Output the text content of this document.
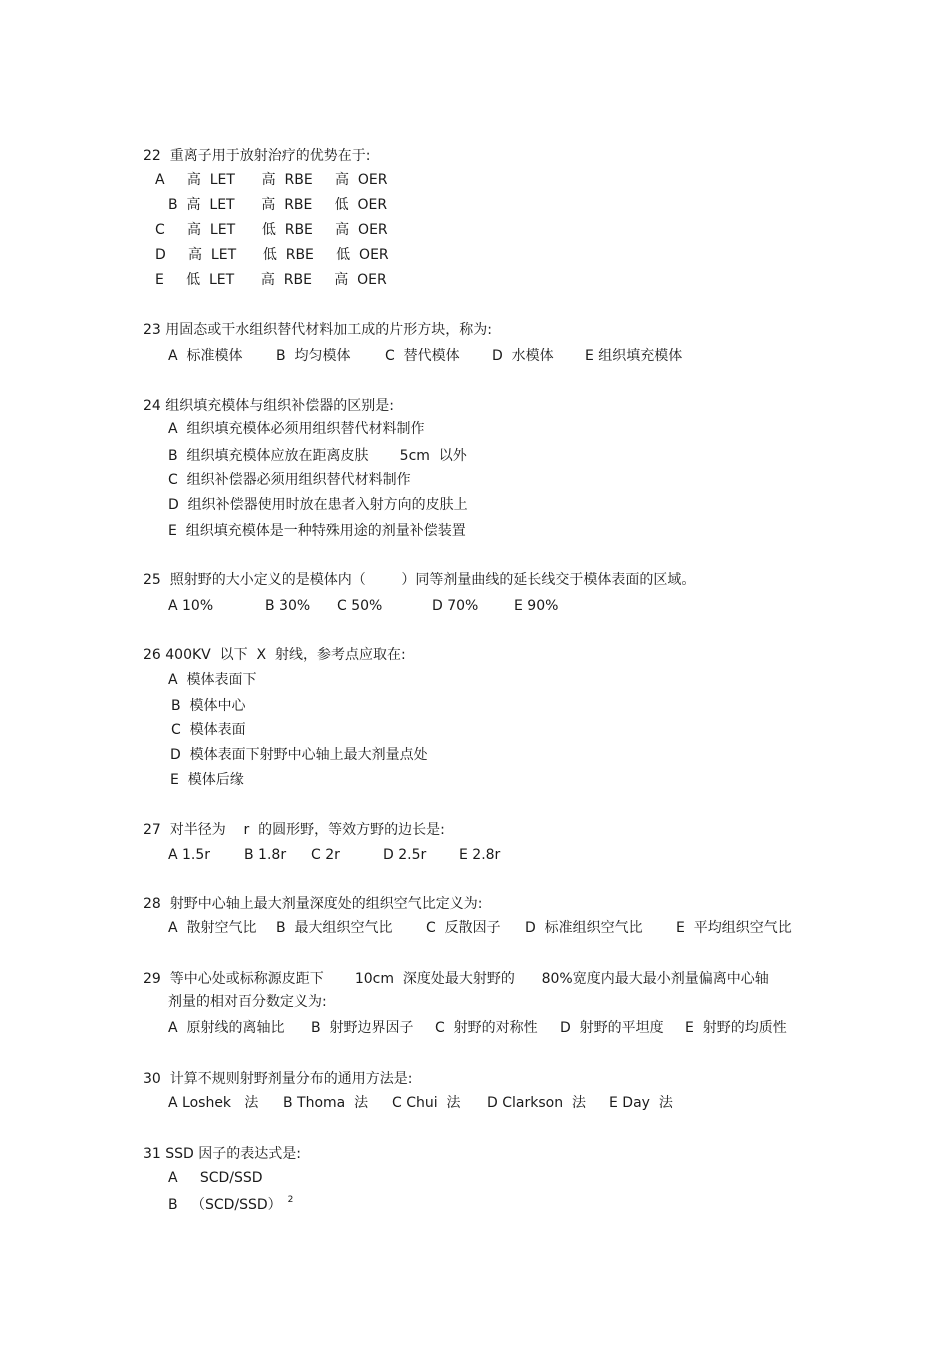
22  重离子用于放射治疗的优势在于:
A     高  LET      高  RBE     高  OER
B  高  LET      高  RBE     低  OER
C     高  LET      低  RBE     高  OER
D     高  LET      低  RBE     低  OER
E     低  LET      高  RBE     高  OER
23 用固态或干水组织替代材料加工成的片形方块，称为:
A  标准模体 B  均匀模体 C  替代模体 D  水模体 E 组织填充模体
24 组织填充模体与组织补偿器的区别是:
A  组织填充模体必须用组织替代材料制作
B  组织填充模体应放在距离皮肤       5cm  以外
C  组织补偿器必须用组织替代材料制作
D  组织补偿器使用时放在患者入射方向的皮肤上
E  组织填充模体是一种特殊用途的剂量补偿装置
25  照射野的大小定义的是模体内（        ）同等剂量曲线的延长线交于模体表面的区域。
A 10%	B 30% C 50%	D 70%	E 90%
26 400KV  以下  X  射线，参考点应取在:
A  模体表面下
B  模体中心
C  模体表面
D  模体表面下射野中心轴上最大剂量点处
E  模体后缘
27  对半径为    r  的圆形野，等效方野的边长是:
A 1.5r B 1.8r C 2r	D 2.5r E 2.8r
28  射野中心轴上最大剂量深度处的组织空气比定义为:
A  散射空气比 B  最大组织空气比 C  反散因子 D  标准组织空气比 E  平均组织空气比
29  等中心处或标称源皮距下       10cm  深度处最大射野的      80%宽度内最大最小剂量偏离中心轴
剂量的相对百分数定义为:
A  原射线的离轴比 B  射野边界因子 C  射野的对称性 D  射野的平坦度 E  射野的均质性
30  计算不规则射野剂量分布的通用方法是:
A Loshek   法 B Thoma  法 C Chui  法 D Clarkson  法 E Day  法
31 SSD 因子的表达式是:
A     SCD/SSD
B   （SCD/SSD） $^2$
